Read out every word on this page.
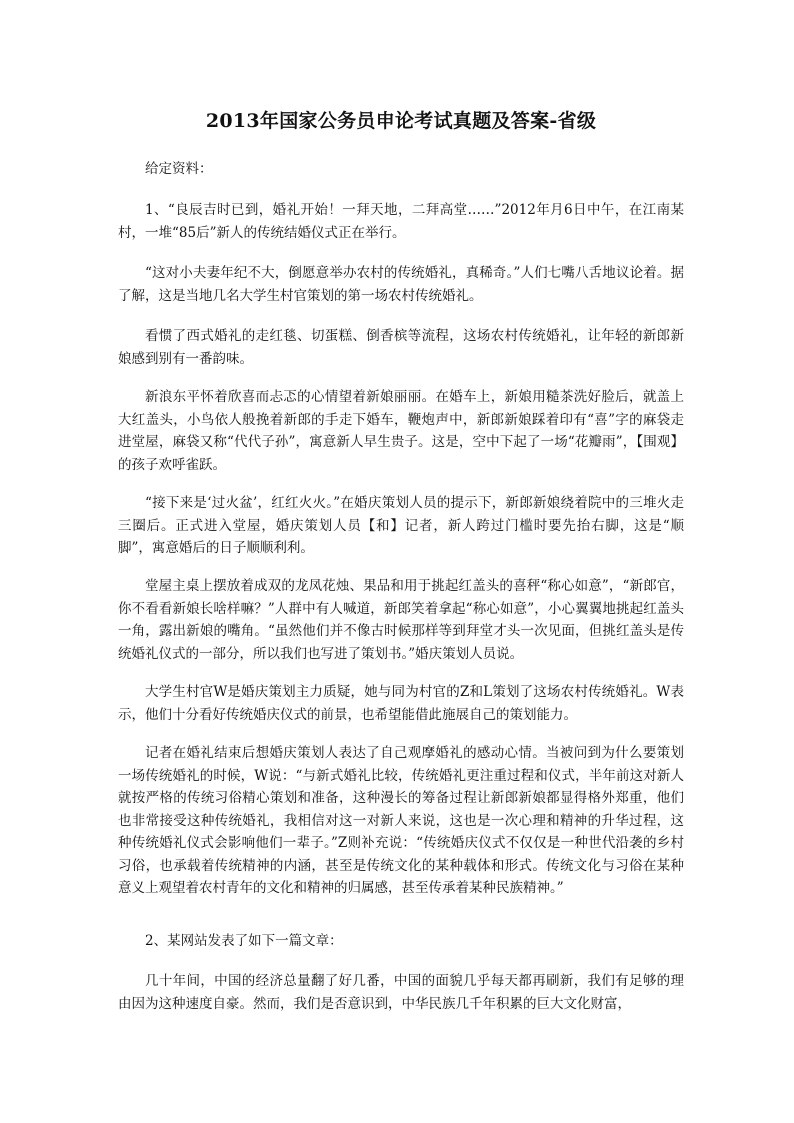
2013年国家公务员申论考试真题及答案-省级

给定资料：

1、“良辰吉时已到，婚礼开始！一拜天地，二拜高堂……”2012年月6日中午，在江南某村，一堆“85后”新人的传统结婚仪式正在举行。

“这对小夫妻年纪不大，倒愿意举办农村的传统婚礼，真稀奇。”人们七嘴八舌地议论着。据了解，这是当地几名大学生村官策划的第一场农村传统婚礼。

看惯了西式婚礼的走红毯、切蛋糕、倒香槟等流程，这场农村传统婚礼，让年轻的新郎新娘感到别有一番韵味。

新浪东平怀着欣喜而忐忑的心情望着新娘丽丽。在婚车上，新娘用糙茶洗好脸后，就盖上大红盖头，小鸟依人般挽着新郎的手走下婚车，鞭炮声中，新郎新娘踩着印有“喜”字的麻袋走进堂屋，麻袋又称“代代子孙”，寓意新人早生贵子。这是，空中下起了一场“花瓣雨”，【围观】的孩子欢呼雀跃。

“接下来是‘过火盆’，红红火火。”在婚庆策划人员的提示下，新郎新娘绕着院中的三堆火走三圈后。正式进入堂屋，婚庆策划人员【和】记者，新人跨过门槛时要先抬右脚，这是“顺脚”，寓意婚后的日子顺顺利利。

堂屋主桌上摆放着成双的龙凤花烛、果品和用于挑起红盖头的喜秤“称心如意”，“新郎官，你不看看新娘长啥样嘛？”人群中有人喊道，新郎笑着拿起“称心如意”，小心翼翼地挑起红盖头一角，露出新娘的嘴角。“虽然他们并不像古时候那样等到拜堂才头一次见面，但挑红盖头是传统婚礼仪式的一部分，所以我们也写进了策划书。”婚庆策划人员说。

大学生村官W是婚庆策划主力质疑，她与同为村官的Z和L策划了这场农村传统婚礼。W表示，他们十分看好传统婚庆仪式的前景，也希望能借此施展自己的策划能力。

记者在婚礼结束后想婚庆策划人表达了自己观摩婚礼的感动心情。当被问到为什么要策划一场传统婚礼的时候，W说：“与新式婚礼比较，传统婚礼更注重过程和仪式，半年前这对新人就按严格的传统习俗精心策划和准备，这种漫长的筹备过程让新郎新娘都显得格外郑重，他们也非常接受这种传统婚礼，我相信对这一对新人来说，这也是一次心理和精神的升华过程，这种传统婚礼仪式会影响他们一辈子。”Z则补充说：“传统婚庆仪式不仅仅是一种世代沿袭的乡村习俗，也承载着传统精神的内涵，甚至是传统文化的某种载体和形式。传统文化与习俗在某种意义上观望着农村青年的文化和精神的归属感，甚至传承着某种民族精神。”

2、某网站发表了如下一篇文章：

几十年间，中国的经济总量翻了好几番，中国的面貌几乎每天都再刷新，我们有足够的理由因为这种速度自豪。然而，我们是否意识到，中华民族几千年积累的巨大文化财富，
